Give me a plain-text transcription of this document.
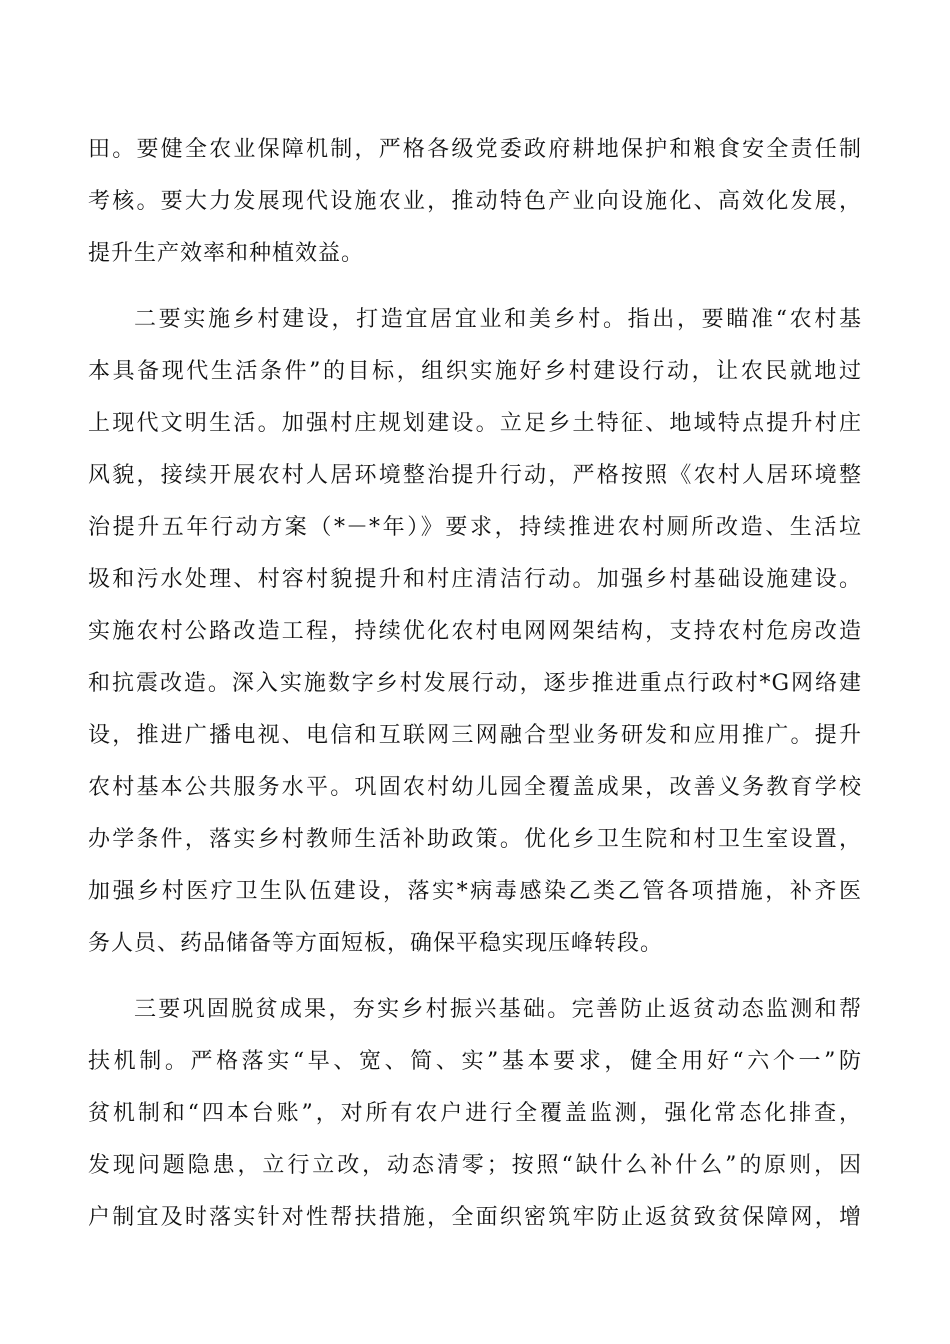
田。要健全农业保障机制，严格各级党委政府耕地保护和粮食安全责任制
考核。要大力发展现代设施农业，推动特色产业向设施化、高效化发展，
提升生产效率和种植效益。
二要实施乡村建设，打造宜居宜业和美乡村。指出，要瞄准“农村基
本具备现代生活条件”的目标，组织实施好乡村建设行动，让农民就地过
上现代文明生活。加强村庄规划建设。立足乡土特征、地域特点提升村庄
风貌，接续开展农村人居环境整治提升行动，严格按照《农村人居环境整
治提升五年行动方案（*－*年）》要求，持续推进农村厕所改造、生活垃
圾和污水处理、村容村貌提升和村庄清洁行动。加强乡村基础设施建设。
实施农村公路改造工程，持续优化农村电网网架结构，支持农村危房改造
和抗震改造。深入实施数字乡村发展行动，逐步推进重点行政村*G网络建
设，推进广播电视、电信和互联网三网融合型业务研发和应用推广。提升
农村基本公共服务水平。巩固农村幼儿园全覆盖成果，改善义务教育学校
办学条件，落实乡村教师生活补助政策。优化乡卫生院和村卫生室设置，
加强乡村医疗卫生队伍建设，落实*病毒感染乙类乙管各项措施，补齐医
务人员、药品储备等方面短板，确保平稳实现压峰转段。
三要巩固脱贫成果，夯实乡村振兴基础。完善防止返贫动态监测和帮
扶机制。严格落实“早、宽、简、实”基本要求，健全用好“六个一”防
贫机制和“四本台账”，对所有农户进行全覆盖监测，强化常态化排查，
发现问题隐患，立行立改，动态清零；按照“缺什么补什么”的原则，因
户制宜及时落实针对性帮扶措施，全面织密筑牢防止返贫致贫保障网，增
